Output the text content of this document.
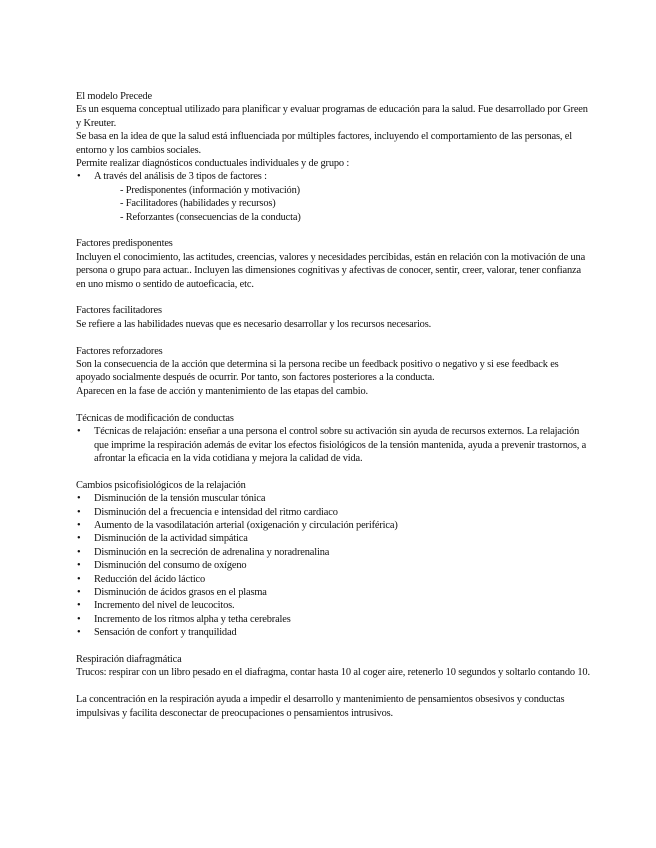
El modelo Precede

Es un esquema conceptual utilizado para planificar y evaluar programas de educación para la salud. Fue desarrollado por Green y Kreuter.

Se basa en la idea de que la salud está influenciada por múltiples factores, incluyendo el comportamiento de las personas, el entorno y los cambios sociales.

Permite realizar diagnósticos conductuales individuales y de grupo :

• A través del análisis de 3 tipos de factores :
- Predisponentes (información y motivación)
- Facilitadores (habilidades y recursos)
- Reforzantes (consecuencias de la conducta)

Factores predisponentes

Incluyen el conocimiento, las actitudes, creencias, valores y necesidades percibidas, están en relación con la motivación de una persona o grupo para actuar.. Incluyen las dimensiones cognitivas y afectivas de conocer, sentir, creer, valorar, tener confianza en uno mismo o sentido de autoeficacia, etc.

Factores facilitadores

Se refiere a las habilidades nuevas que es necesario desarrollar y los recursos necesarios.

Factores reforzadores

Son la consecuencia de la acción que determina si la persona recibe un feedback positivo o negativo y si ese feedback es apoyado socialmente después de ocurrir. Por tanto, son factores posteriores a la conducta.

Aparecen en la fase de acción y mantenimiento de las etapas del cambio.

Técnicas de modificación de conductas

• Técnicas de relajación: enseñar a una persona el control sobre su activación sin ayuda de recursos externos. La relajación que imprime la respiración además de evitar los efectos fisiológicos de la tensión mantenida, ayuda a prevenir trastornos, a afrontar la eficacia en la vida cotidiana y mejora la calidad de vida.

Cambios psicofisiológicos de la relajación

• Disminución de la tensión muscular tónica
• Disminución del a frecuencia e intensidad del ritmo cardiaco
• Aumento de la vasodilatación arterial (oxigenación y circulación periférica)
• Disminución de la actividad simpática
• Disminución en la secreción de adrenalina y noradrenalina
• Disminución del consumo de oxígeno
• Reducción del ácido láctico
• Disminución de ácidos grasos en el plasma
• Incremento del nivel de leucocitos.
• Incremento de los ritmos alpha y tetha cerebrales
• Sensación de confort y tranquilidad

Respiración diafragmática

Trucos: respirar con un libro pesado en el diafragma, contar hasta 10 al coger aire, retenerlo 10 segundos y soltarlo contando 10.

La concentración en la respiración ayuda a impedir el desarrollo y mantenimiento de pensamientos obsesivos y conductas impulsivas y facilita desconectar de preocupaciones o pensamientos intrusivos.
